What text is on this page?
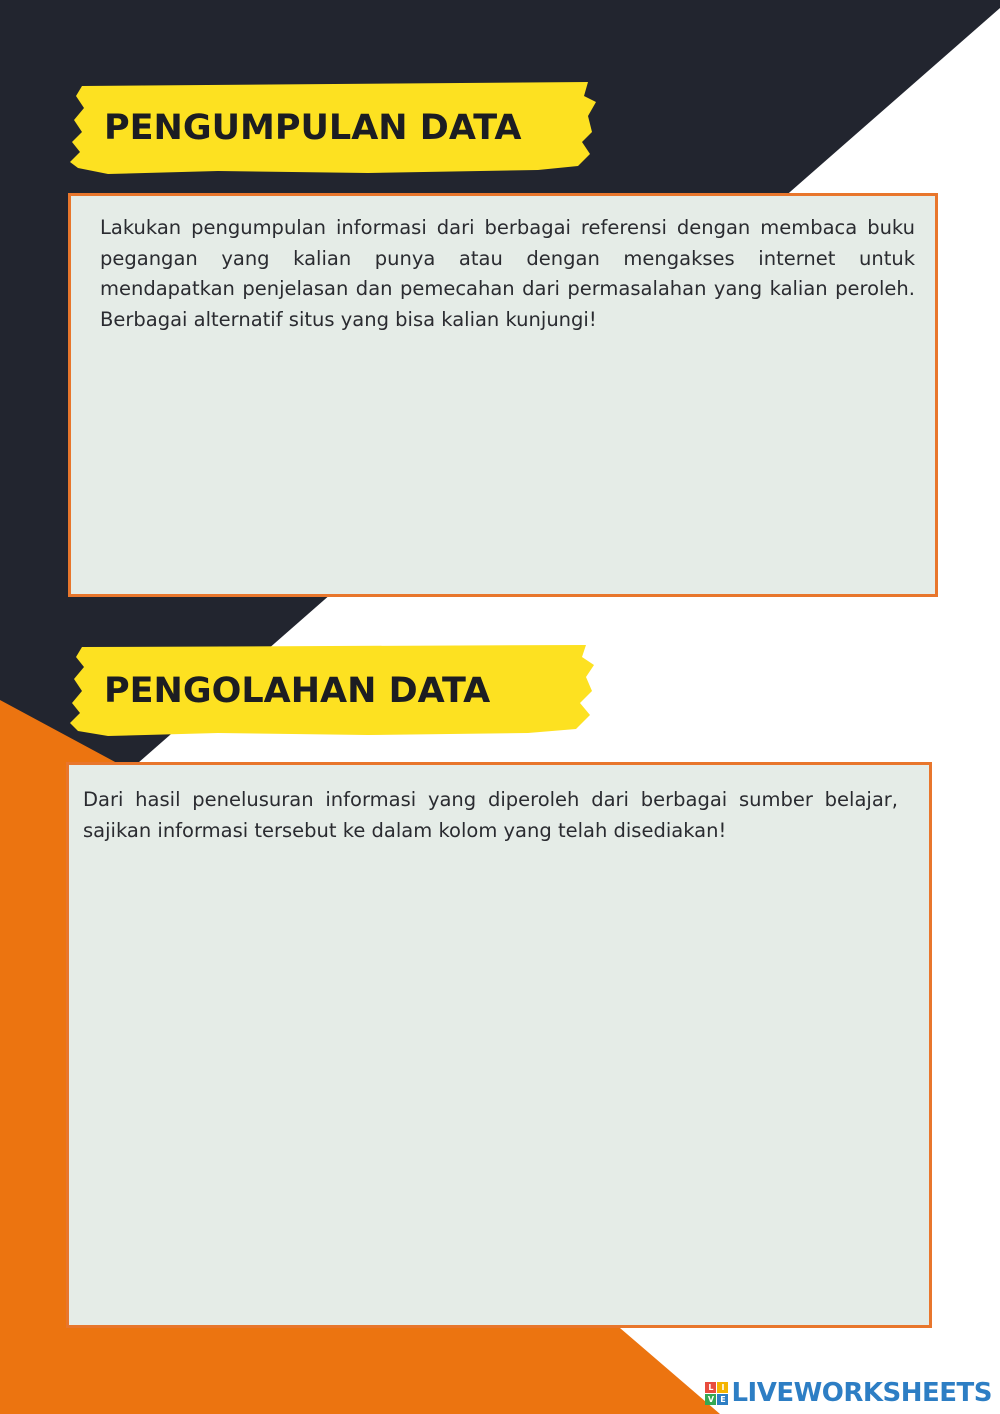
PENGUMPULAN DATA
Lakukan pengumpulan informasi dari berbagai referensi dengan membaca buku pegangan yang kalian punya atau dengan mengakses internet untuk mendapatkan penjelasan dan pemecahan dari permasalahan yang kalian peroleh. Berbagai alternatif situs yang bisa kalian kunjungi!
PENGOLAHAN DATA
Dari hasil penelusuran informasi yang diperoleh dari berbagai sumber belajar, sajikan informasi tersebut ke dalam kolom yang telah disediakan!
L I
V E LIVEWORKSHEETS
